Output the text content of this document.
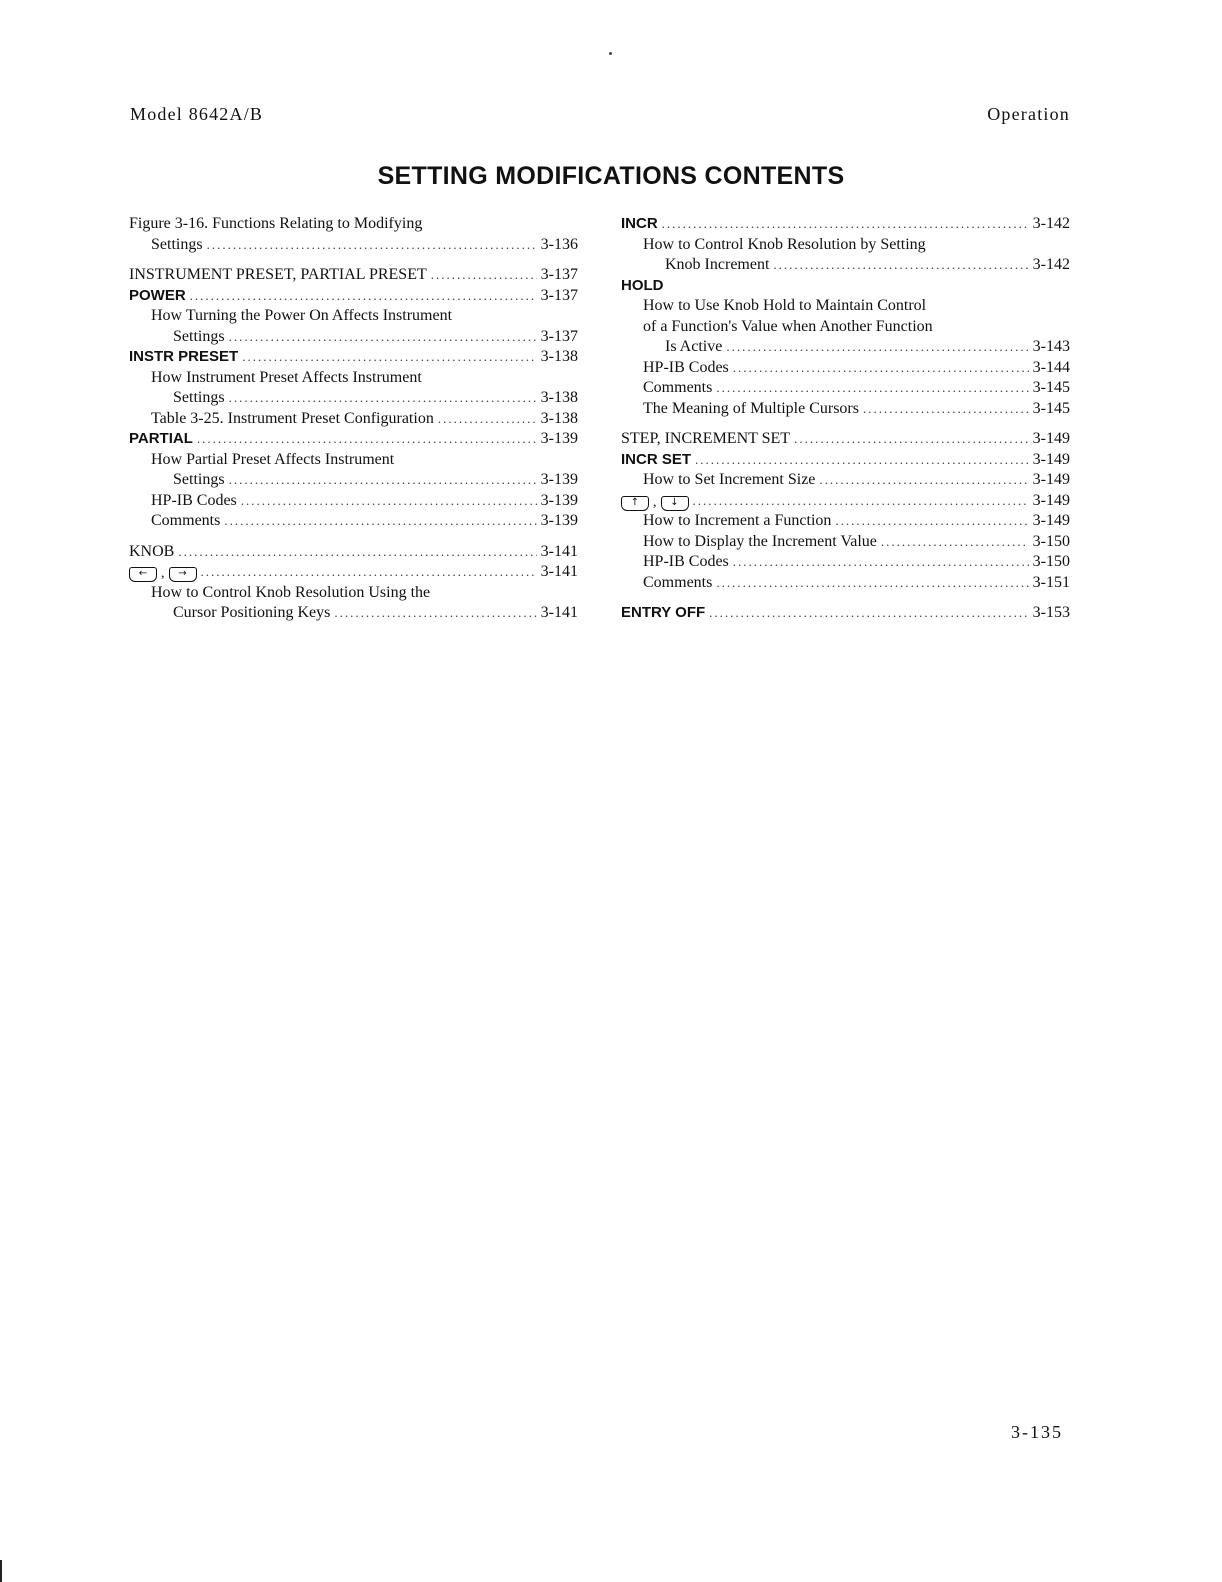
Model 8642A/B	Operation
SETTING MODIFICATIONS CONTENTS
Figure 3-16. Functions Relating to Modifying
Settings .....	3-136
INSTRUMENT PRESET, PARTIAL PRESET .....	3-137
POWER .....	3-137
How Turning the Power On Affects Instrument
Settings .....	3-137
INSTR PRESET .....	3-138
How Instrument Preset Affects Instrument
Settings .....	3-138
Table 3-25. Instrument Preset Configuration .....	3-138
PARTIAL .....	3-139
How Partial Preset Affects Instrument
Settings .....	3-139
HP-IB Codes .....	3-139
Comments .....	3-139
KNOB .....	3-141
← ,	→ .....	3-141
How to Control Knob Resolution Using the
Cursor Positioning Keys .....	3-141
INCR .....	3-142
How to Control Knob Resolution by Setting
Knob Increment .....	3-142
HOLD
How to Use Knob Hold to Maintain Control
of a Function's Value when Another Function
Is Active .....	3-143
HP-IB Codes .....	3-144
Comments .....	3-145
The Meaning of Multiple Cursors .....	3-145
STEP, INCREMENT SET .....	3-149
INCR SET .....	3-149
How to Set Increment Size .....	3-149
↑ ,	↓ .....	3-149
How to Increment a Function .....	3-149
How to Display the Increment Value .....	3-150
HP-IB Codes .....	3-150
Comments .....	3-151
ENTRY OFF .....	3-153
3-135
